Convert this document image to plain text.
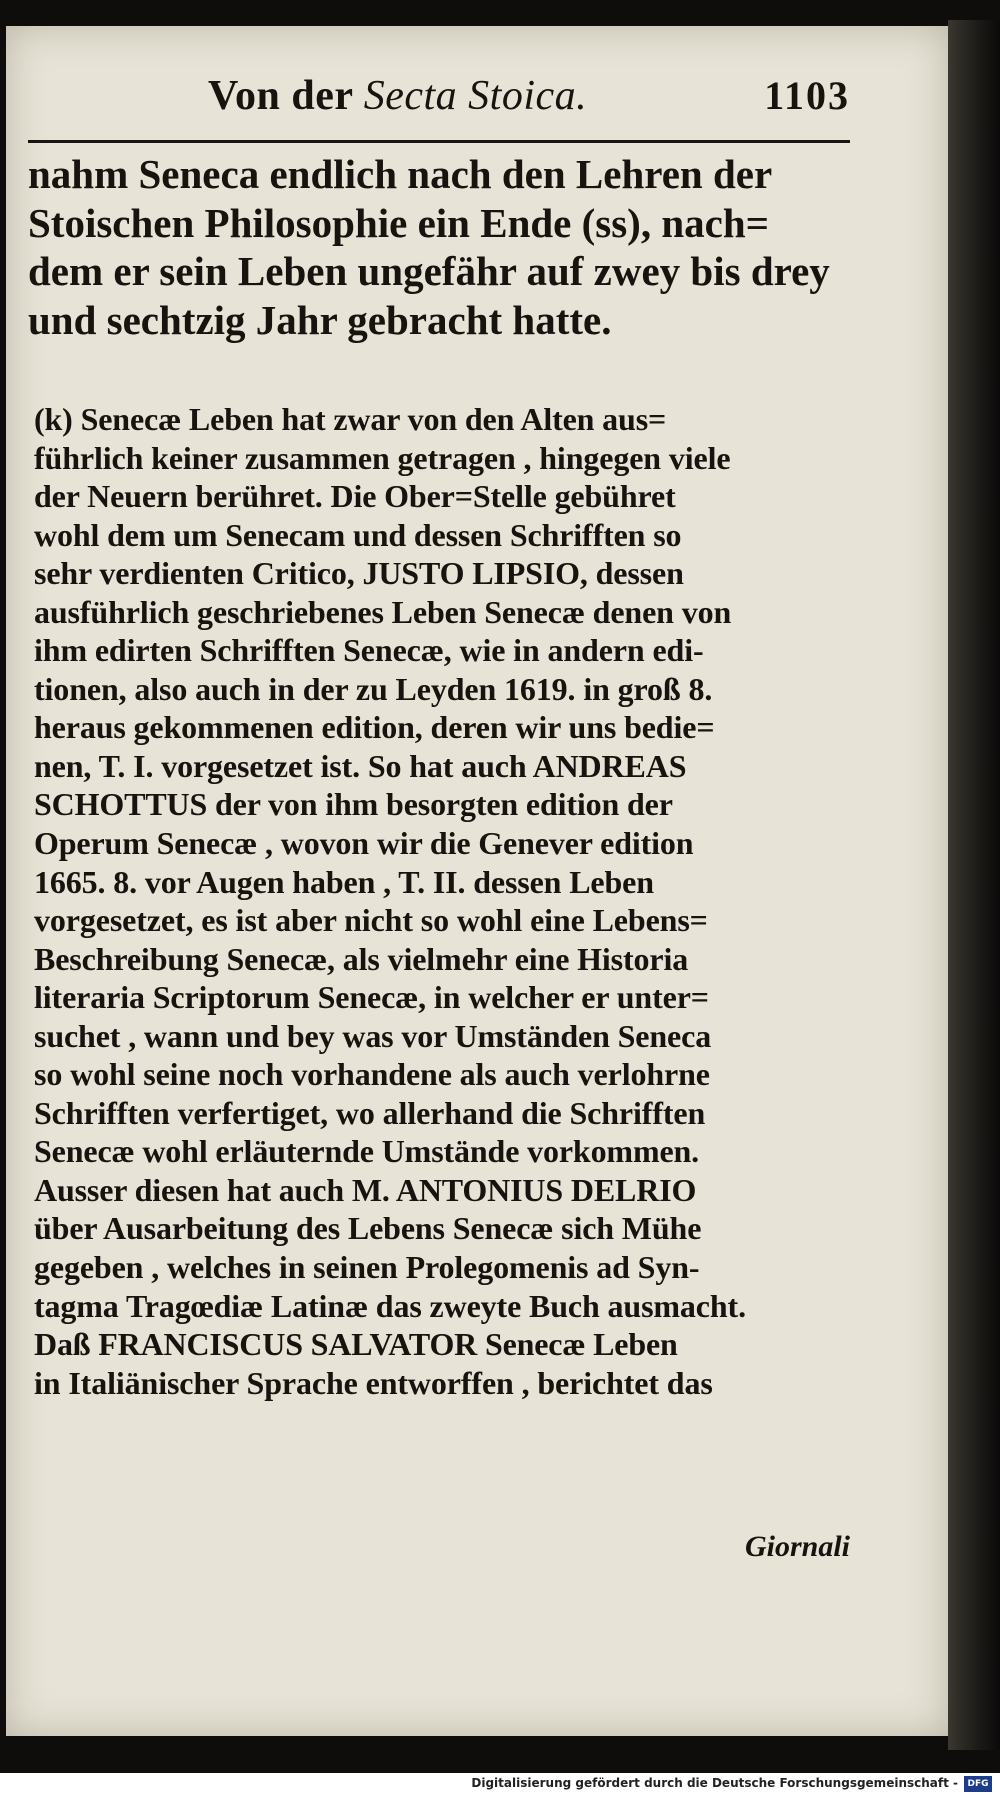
Von der Secta Stoica.	1103
nahm Seneca endlich nach den Lehren der
Stoischen Philosophie ein Ende (ss), nach=
dem er sein Leben ungefähr auf zwey bis drey
und sechtzig Jahr gebracht hatte.
(k) Senecæ Leben hat zwar von den Alten aus=
führlich keiner zusammen getragen , hingegen viele
der Neuern berühret. Die Ober=Stelle gebühret
wohl dem um Senecam und dessen Schrifften so
sehr verdienten Critico, JUSTO LIPSIO, dessen
ausführlich geschriebenes Leben Senecæ denen von
ihm edirten Schrifften Senecæ, wie in andern edi-
tionen, also auch in der zu Leyden 1619. in groß 8.
heraus gekommenen edition, deren wir uns bedie=
nen, T. I. vorgesetzet ist. So hat auch ANDREAS
SCHOTTUS der von ihm besorgten edition der
Operum Senecæ , wovon wir die Genever edition
1665. 8. vor Augen haben , T. II. dessen Leben
vorgesetzet, es ist aber nicht so wohl eine Lebens=
Beschreibung Senecæ, als vielmehr eine Historia
literaria Scriptorum Senecæ, in welcher er unter=
suchet , wann und bey was vor Umständen Seneca
so wohl seine noch vorhandene als auch verlohrne
Schrifften verfertiget, wo allerhand die Schrifften
Senecæ wohl erläuternde Umstände vorkommen.
Ausser diesen hat auch M. ANTONIUS DELRIO
über Ausarbeitung des Lebens Senecæ sich Mühe
gegeben , welches in seinen Prolegomenis ad Syn-
tagma Tragœdiæ Latinæ das zweyte Buch ausmacht.
Daß FRANCISCUS SALVATOR Senecæ Leben
in Italiänischer Sprache entworffen , berichtet das
Giornali
Digitalisierung gefördert durch die Deutsche Forschungsgemeinschaft -	DFG
